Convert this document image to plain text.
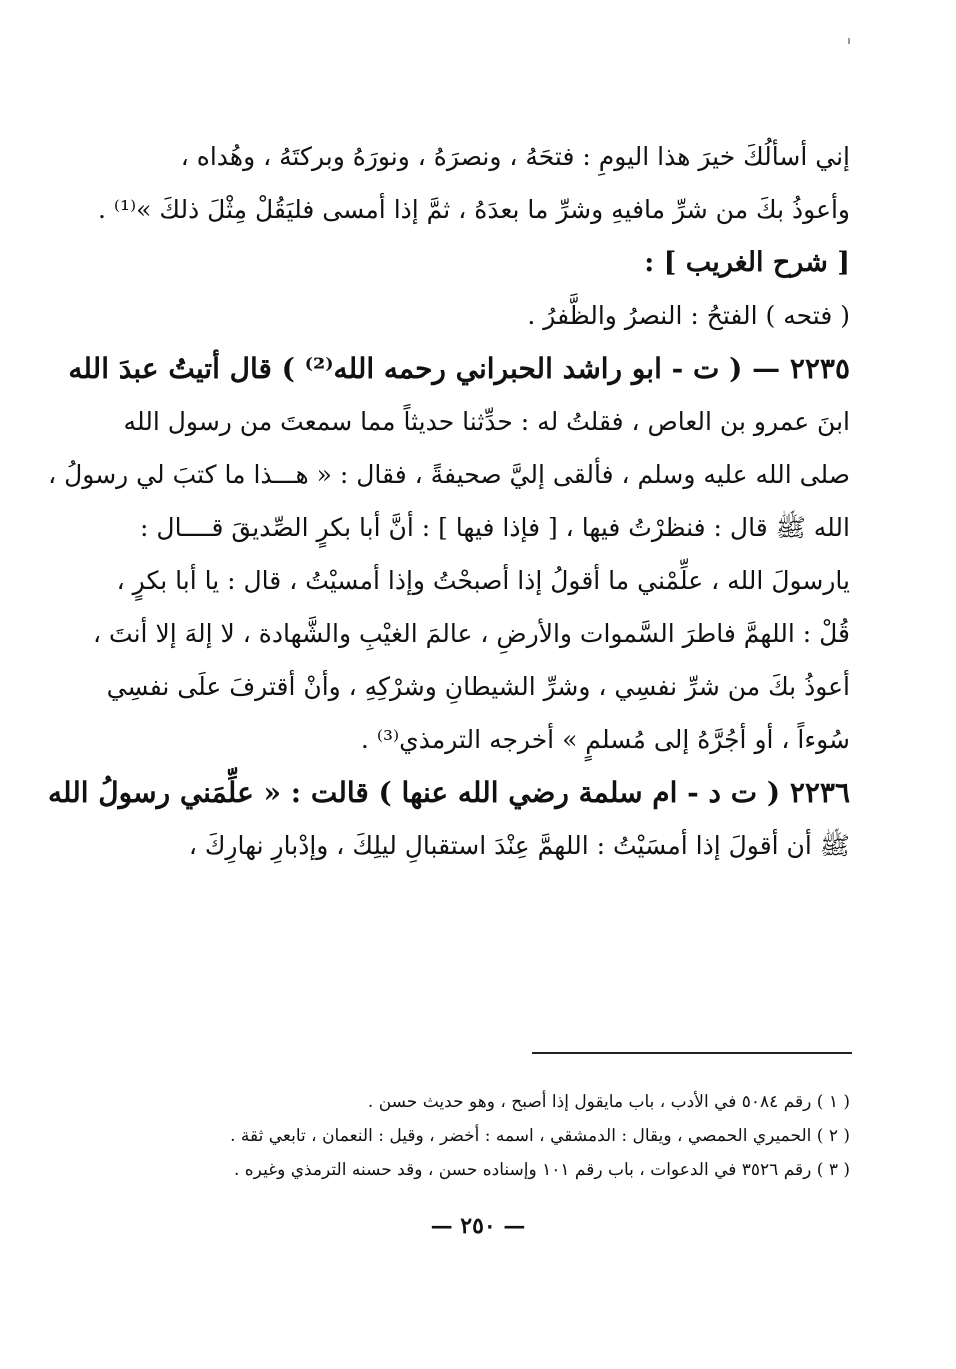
إني أسألُكَ خيرَ هذا اليومِ : فتحَهُ ، ونصرَهُ ، ونورَهُ وبركتَهُ ، وهُداه ،
وأعوذُ بكَ من شرِّ مافيهِ وشرِّ ما بعدَهُ ، ثمَّ إذا أمسى فليَقُلْ مِثْلَ ذلكَ »⁽¹⁾ .
[ شرح الغريب ] :
( فتحه ) الفتحُ : النصرُ والظَّفرُ .
٢٢٣٥ — ( ت - ابو راشد الحبراني رحمه الله⁽²⁾ ) قال أتيتُ عبدَ الله
ابنَ عمرو بن العاص ، فقلتُ له : حدِّثنا حديثاً مما سمعتَ من رسول الله
صلى الله عليه وسلم ، فألقى إليَّ صحيفةً ، فقال : « هـــذا ما كتبَ لي رسولُ ،
الله ﷺ قال : فنظرْتُ فيها ، [ فإذا فيها ] : أنَّ أبا بكرٍ الصِّديقَ قــــال :
يارسولَ الله ، علِّمْني ما أقولُ إذا أصبحْتُ وإذا أمسيْتُ ، قال : يا أبا بكرٍ ،
قُلْ : اللهمَّ فاطرَ السَّموات والأرضِ ، عالمَ الغيْبِ والشَّهادة ، لا إلهَ إلا أنتَ ،
أعوذُ بكَ من شرِّ نفسِي ، وشرِّ الشيطانِ وشرْكِهِ ، وأنْ أقترفَ علَى نفسِي
سُوءاً ، أو أجُرَّهُ إلى مُسلمٍ » أخرجه الترمذي⁽³⁾ .
٢٢٣٦ ( ت د - ام سلمة رضي الله عنها ) قالت : « علِّمَني رسولُ الله
ﷺ أن أقولَ إذا أمسَيْتُ : اللهمَّ عِنْدَ استقبالِ ليلِكَ ، وإدْبارِ نهارِكَ ،
( ١ ) رقم ٥٠٨٤ في الأدب ، باب مايقول إذا أصبح ، وهو حديث حسن .
( ٢ ) الحميري الحمصي ، ويقال : الدمشقي ، اسمه : أخضر ، وقيل : النعمان ، تابعي ثقة .
( ٣ ) رقم ٣٥٢٦ في الدعوات ، باب رقم ١٠١ وإسناده حسن ، وقد حسنه الترمذي وغيره .
— ٢٥٠ —
